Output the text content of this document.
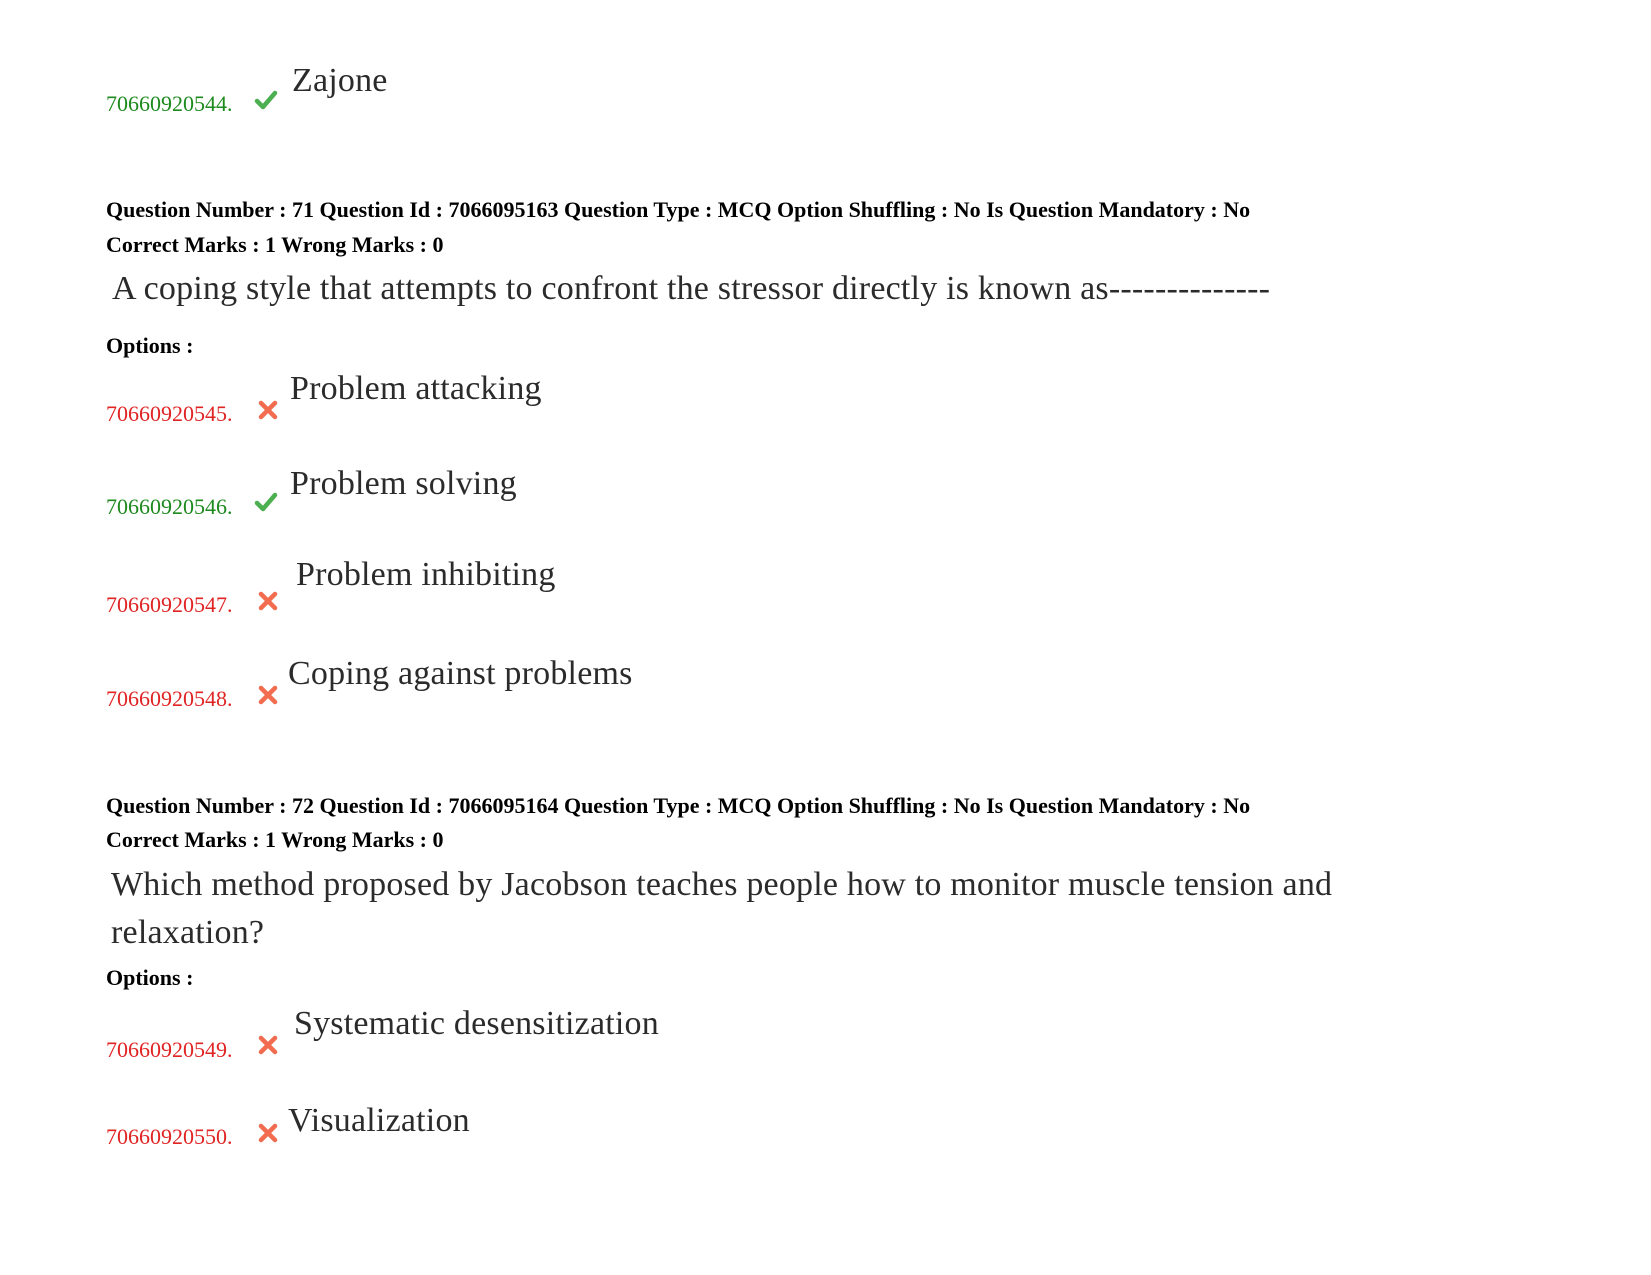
70660920544.
Zajone
Question Number : 71 Question Id : 7066095163 Question Type : MCQ Option Shuffling : No Is Question Mandatory : No
Correct Marks : 1 Wrong Marks : 0
A coping style that attempts to confront the stressor directly is known as--------------
Options :
70660920545.
Problem attacking
70660920546.
Problem solving
70660920547.
Problem inhibiting
70660920548.
Coping against problems
Question Number : 72 Question Id : 7066095164 Question Type : MCQ Option Shuffling : No Is Question Mandatory : No
Correct Marks : 1 Wrong Marks : 0
Which method proposed by Jacobson teaches people how to monitor muscle tension and
relaxation?
Options :
70660920549.
Systematic desensitization
70660920550. Visualization
